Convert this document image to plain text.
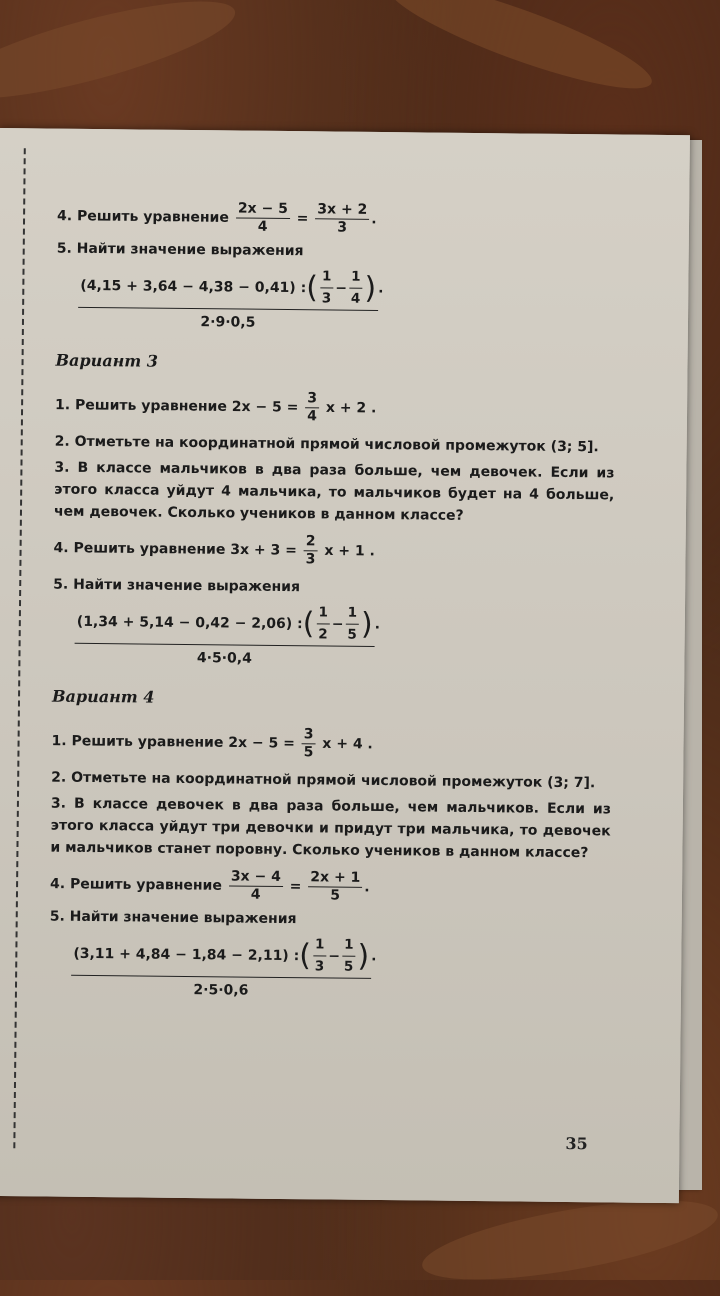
4. Решить уравнение $\frac{2x - 5}{4} = \frac{3x + 2}{3}$ .
5. Найти значение выражения
(4,15 + 3,64 − 4,38 − 0,41) : ( $\frac{1}{3} - \frac{1}{4}$ )
2·9·0,5
.
Вариант 3
1. Решить уравнение $2x - 5 = \frac{3}{4}$ x + 2 .
2. Отметьте на координатной прямой числовой промежуток (3; 5].
3. В классе мальчиков в два раза больше, чем девочек. Если из этого класса уйдут 4 мальчика, то мальчиков будет на 4 больше, чем девочек. Сколько учеников в данном классе?
4. Решить уравнение $3x + 3 = \frac{2}{3}$ x + 1 .
5. Найти значение выражения
(1,34 + 5,14 − 0,42 − 2,06) : ( $\frac{1}{2} - \frac{1}{5}$ )
4·5·0,4
.
Вариант 4
1. Решить уравнение $2x - 5 = \frac{3}{5}$ x + 4 .
2. Отметьте на координатной прямой числовой промежуток (3; 7].
3. В классе девочек в два раза больше, чем мальчиков. Если из этого класса уйдут три девочки и придут три мальчика, то девочек и мальчиков станет поровну. Сколько учеников в данном классе?
4. Решить уравнение $\frac{3x - 4}{4} = \frac{2x + 1}{5}$ .
5. Найти значение выражения
(3,11 + 4,84 − 1,84 − 2,11) : ( $\frac{1}{3} - \frac{1}{5}$ )
2·5·0,6
.
35
